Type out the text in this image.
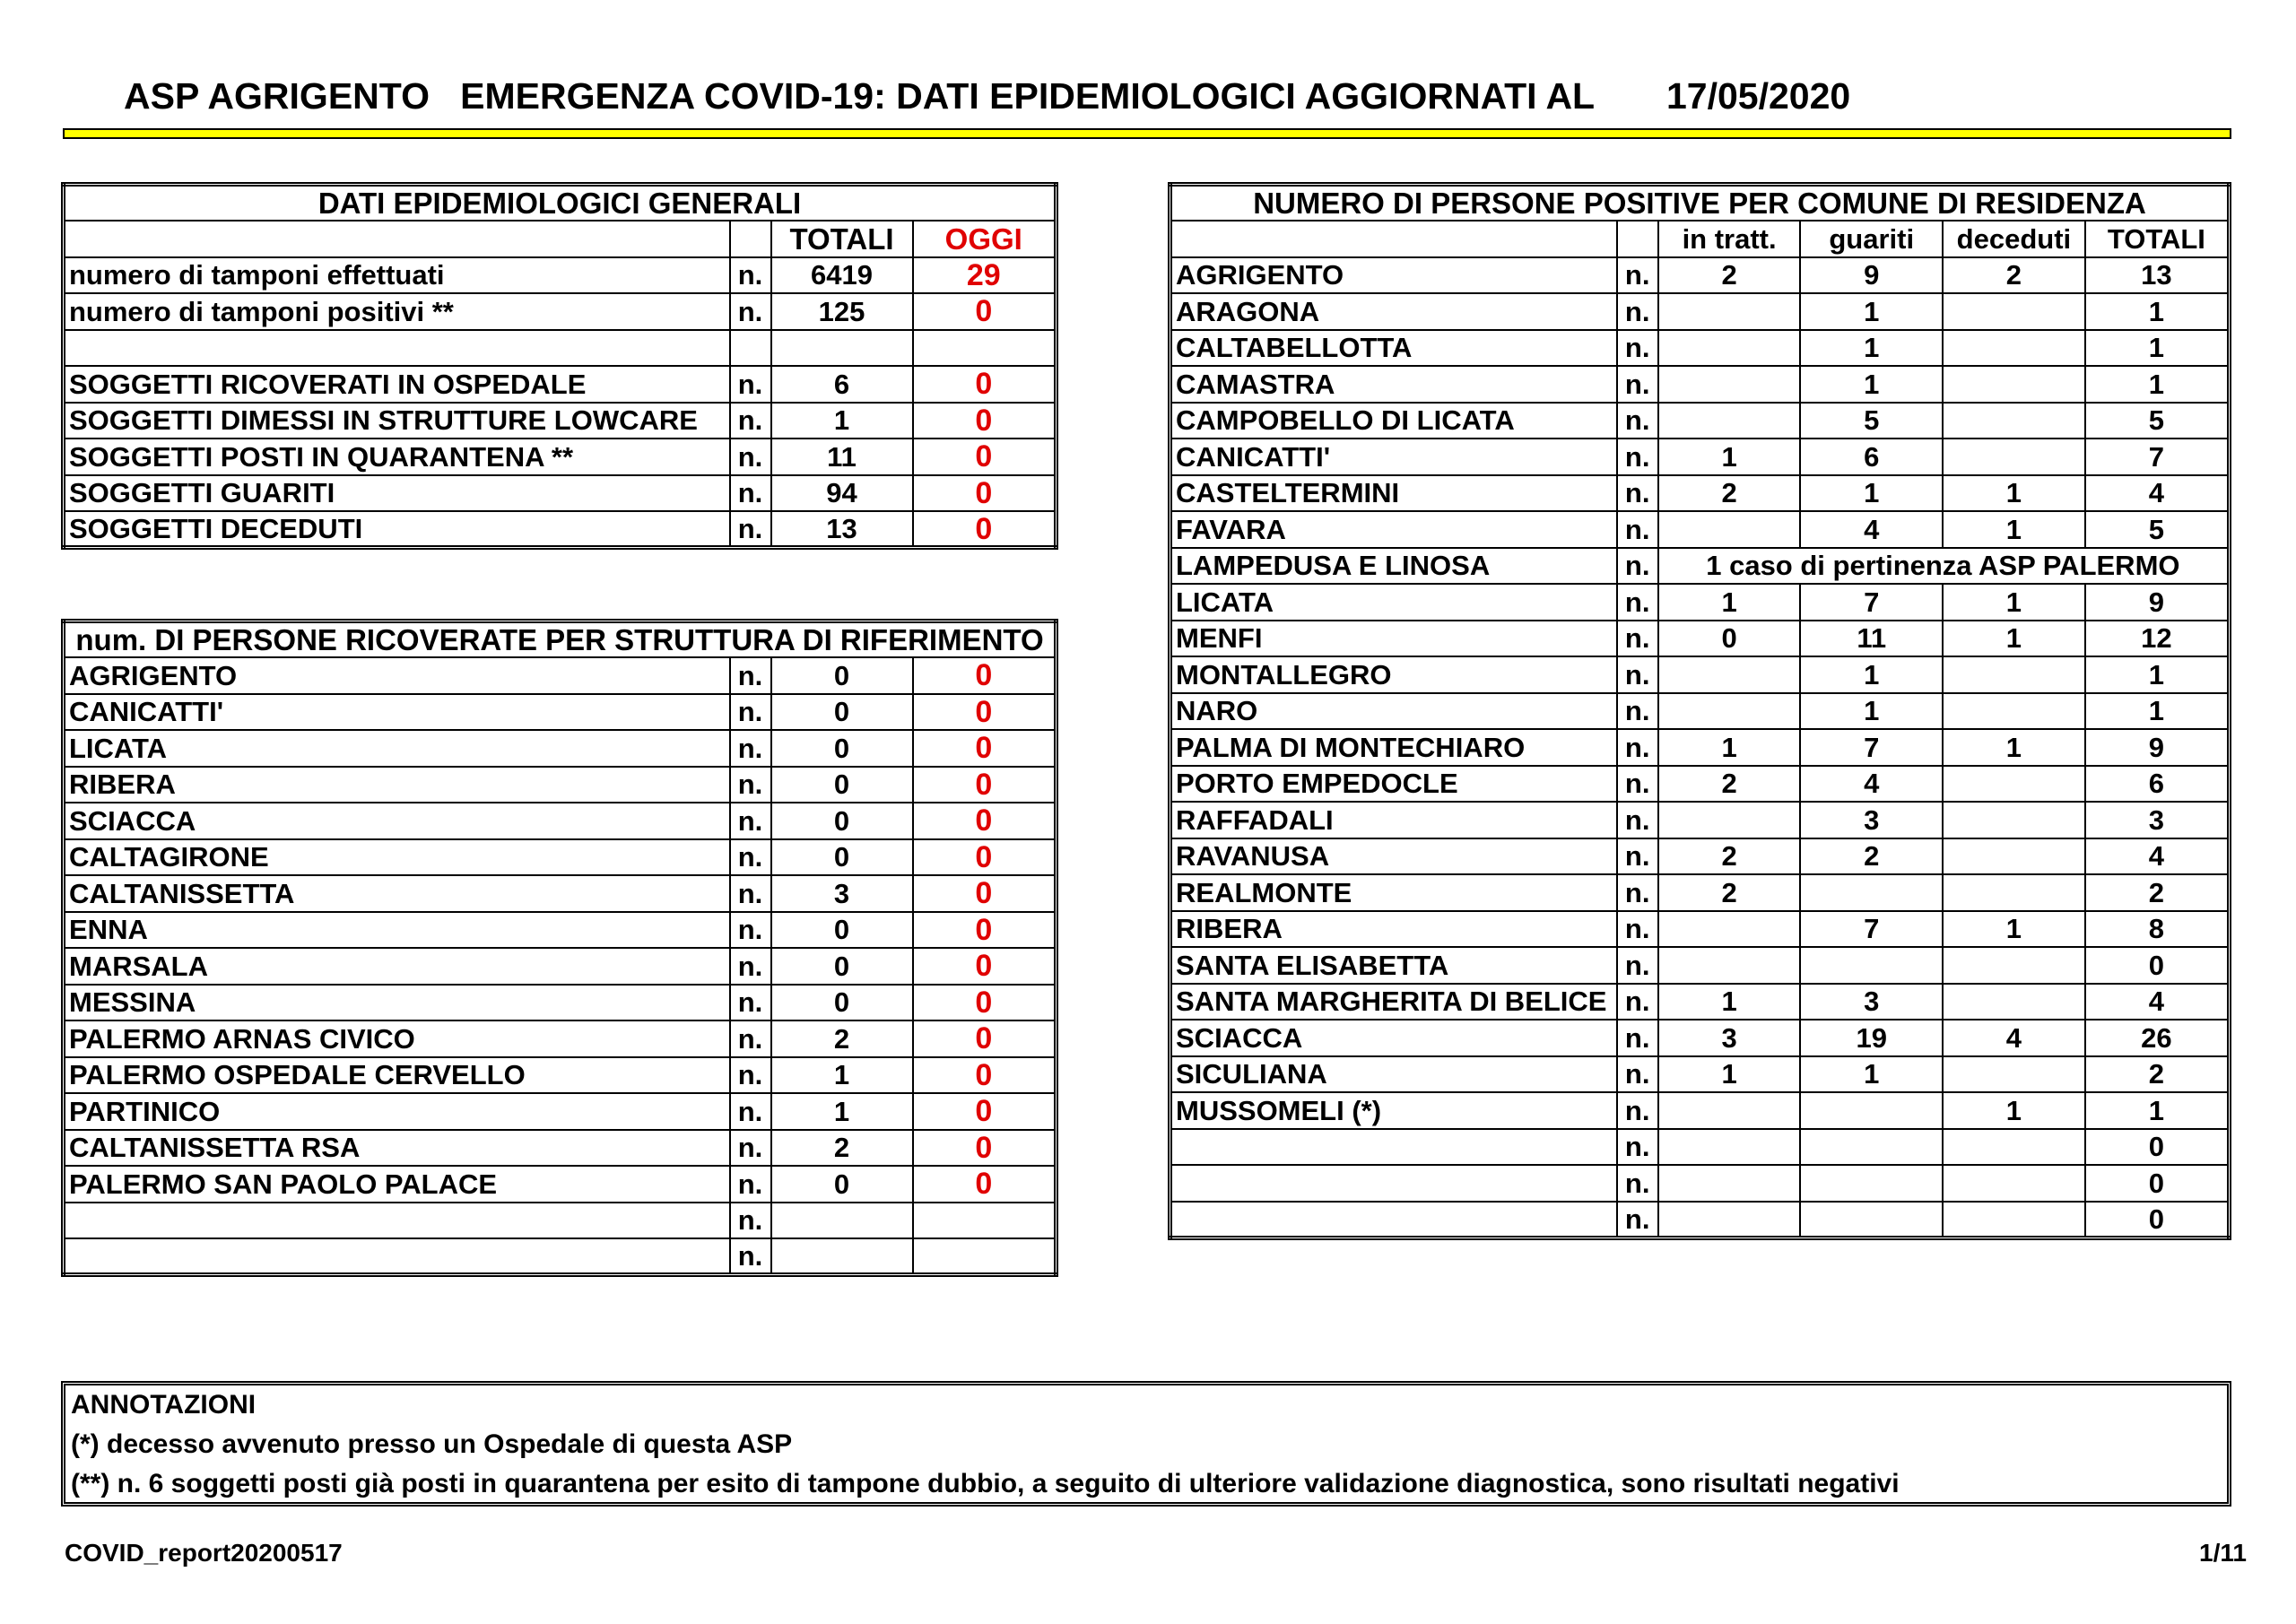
ASP AGRIGENTO   EMERGENZA COVID-19: DATI EPIDEMIOLOGICI AGGIORNATI AL 17/05/2020
DATI EPIDEMIOLOGICI GENERALI			
		TOTALI	OGGI
numero di tamponi effettuati	n.	6419	29
numero di tamponi positivi **	n.	125	0

SOGGETTI RICOVERATI IN OSPEDALE	n.	6	0
SOGGETTI DIMESSI IN STRUTTURE LOWCARE	n.	1	0
SOGGETTI POSTI IN QUARANTENA **	n.	11	0
SOGGETTI GUARITI	n.	94	0
SOGGETTI DECEDUTI	n.	13	0
num. DI PERSONE RICOVERATE PER STRUTTURA DI RIFERIMENTO			
AGRIGENTO	n.	0	0
CANICATTI'	n.	0	0
LICATA	n.	0	0
RIBERA	n.	0	0
SCIACCA	n.	0	0
CALTAGIRONE	n.	0	0
CALTANISSETTA	n.	3	0
ENNA	n.	0	0
MARSALA	n.	0	0
MESSINA	n.	0	0
PALERMO ARNAS CIVICO	n.	2	0
PALERMO OSPEDALE CERVELLO	n.	1	0
PARTINICO	n.	1	0
CALTANISSETTA RSA	n.	2	0
PALERMO SAN PAOLO PALACE	n.	0	0
	n.		
	n.		
NUMERO DI PERSONE POSITIVE PER COMUNE DI RESIDENZA					
		in tratt.	guariti	deceduti	TOTALI
AGRIGENTO	n.	2	9	2	13
ARAGONA	n.		1		1
CALTABELLOTTA	n.		1		1
CAMASTRA	n.		1		1
CAMPOBELLO DI LICATA	n.		5		5
CANICATTI'	n.	1	6		7
CASTELTERMINI	n.	2	1	1	4
FAVARA	n.		4	1	5
LAMPEDUSA E LINOSA	n.	1 caso di pertinenza ASP PALERMO			
LICATA	n.	1	7	1	9
MENFI	n.	0	11	1	12
MONTALLEGRO	n.		1		1
NARO	n.		1		1
PALMA DI MONTECHIARO	n.	1	7	1	9
PORTO EMPEDOCLE	n.	2	4		6
RAFFADALI	n.		3		3
RAVANUSA	n.	2	2		4
REALMONTE	n.	2			2
RIBERA	n.		7	1	8
SANTA ELISABETTA	n.				0
SANTA MARGHERITA DI BELICE	n.	1	3		4
SCIACCA	n.	3	19	4	26
SICULIANA	n.	1	1		2
MUSSOMELI (*)	n.			1	1
	n.				0
	n.				0
	n.				0
ANNOTAZIONI
(*) decesso avvenuto presso un Ospedale di questa ASP
(**) n. 6 soggetti posti già posti in quarantena per esito di tampone dubbio, a seguito di ulteriore validazione diagnostica, sono risultati negativi
COVID_report20200517	1/11
